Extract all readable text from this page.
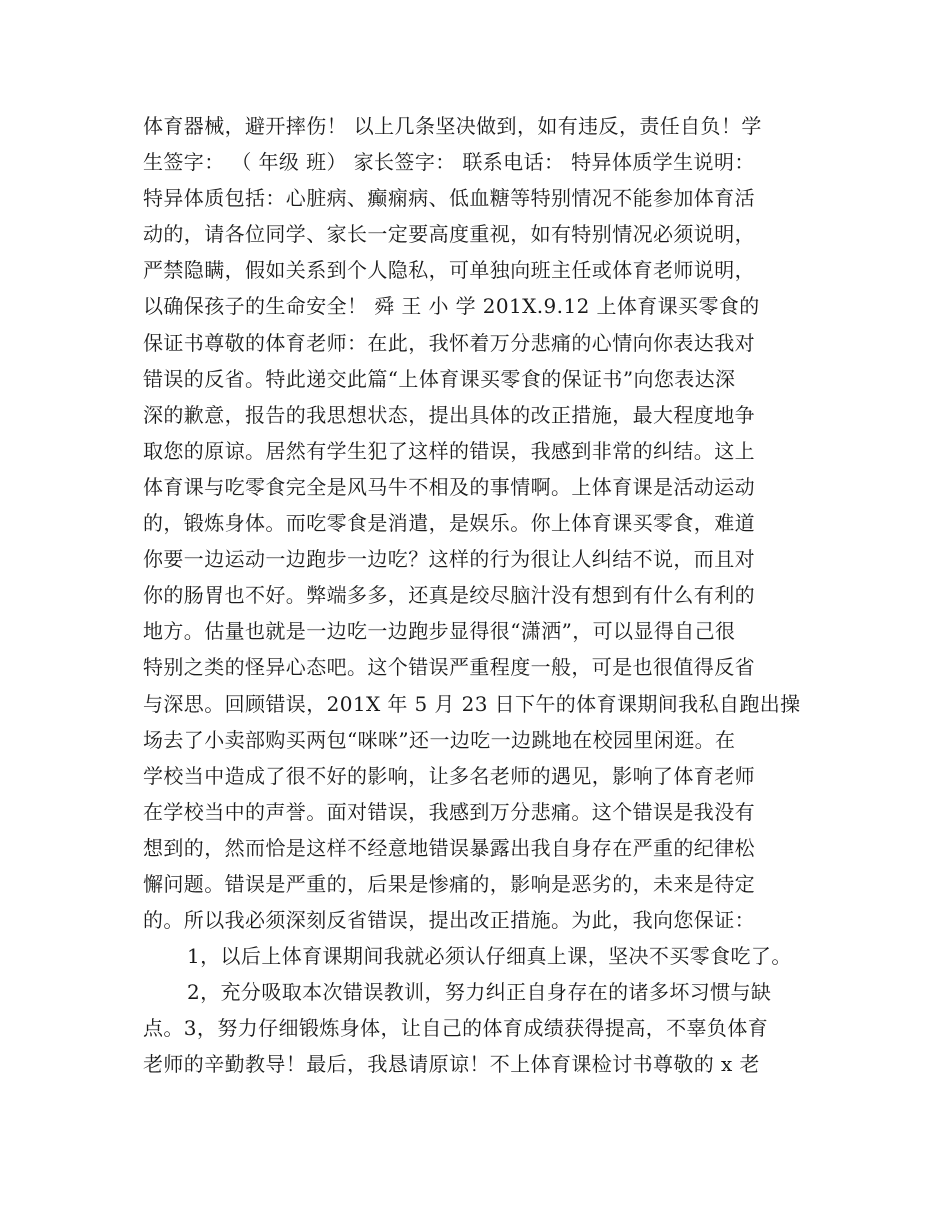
体育器械，避开摔伤！ 以上几条坚决做到，如有违反，责任自负！学
生签字： （ 年级 班） 家长签字： 联系电话： 特异体质学生说明：
特异体质包括：心脏病、癫痫病、低血糖等特别情况不能参加体育活
动的，请各位同学、家长一定要高度重视，如有特别情况必须说明，
严禁隐瞒，假如关系到个人隐私，可单独向班主任或体育老师说明，
以确保孩子的生命安全！ 舜 王 小 学 201X.9.12 上体育课买零食的
保证书尊敬的体育老师：在此，我怀着万分悲痛的心情向你表达我对
错误的反省。特此递交此篇“上体育课买零食的保证书”向您表达深
深的歉意，报告的我思想状态，提出具体的改正措施，最大程度地争
取您的原谅。居然有学生犯了这样的错误，我感到非常的纠结。这上
体育课与吃零食完全是风马牛不相及的事情啊。上体育课是活动运动
的，锻炼身体。而吃零食是消遣，是娱乐。你上体育课买零食，难道
你要一边运动一边跑步一边吃？这样的行为很让人纠结不说，而且对
你的肠胃也不好。弊端多多，还真是绞尽脑汁没有想到有什么有利的
地方。估量也就是一边吃一边跑步显得很“潇洒”，可以显得自己很
特别之类的怪异心态吧。这个错误严重程度一般，可是也很值得反省
与深思。回顾错误，201X 年 5 月 23 日下午的体育课期间我私自跑出操
场去了小卖部购买两包“咪咪”还一边吃一边跳地在校园里闲逛。在
学校当中造成了很不好的影响，让多名老师的遇见，影响了体育老师
在学校当中的声誉。面对错误，我感到万分悲痛。这个错误是我没有
想到的，然而恰是这样不经意地错误暴露出我自身存在严重的纪律松
懈问题。错误是严重的，后果是惨痛的，影响是恶劣的，未来是待定
的。所以我必须深刻反省错误，提出改正措施。为此，我向您保证：
1，以后上体育课期间我就必须认仔细真上课，坚决不买零食吃了。
2，充分吸取本次错误教训，努力纠正自身存在的诸多坏习惯与缺
点。3，努力仔细锻炼身体，让自己的体育成绩获得提高，不辜负体育
老师的辛勤教导！最后，我恳请原谅！不上体育课检讨书尊敬的 x 老
